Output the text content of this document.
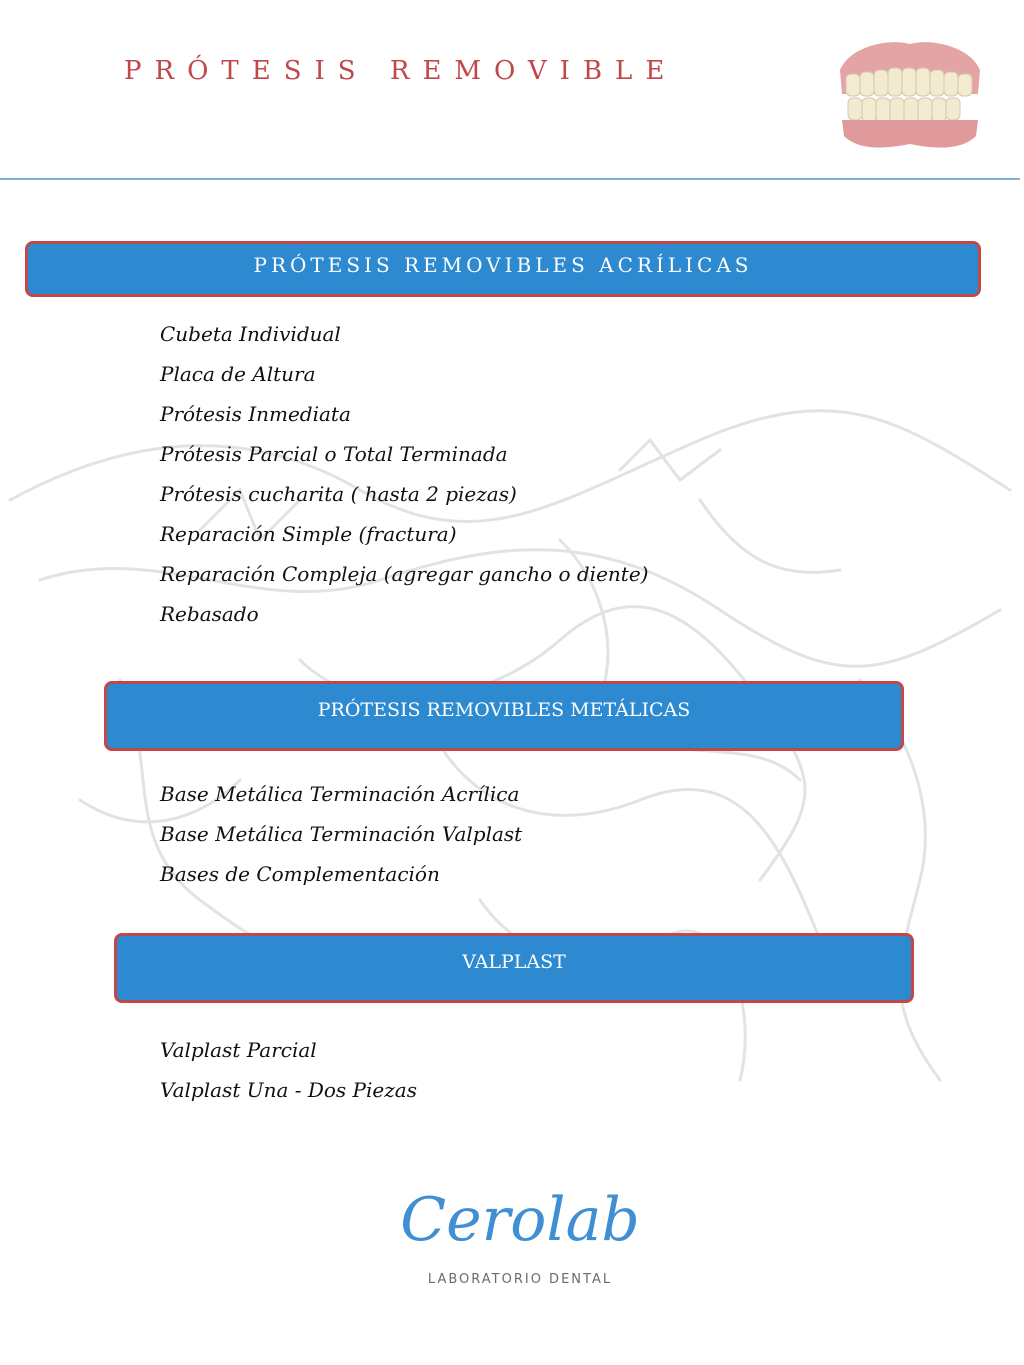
PRÓTESIS REMOVIBLE
PRÓTESIS REMOVIBLES ACRÍLICAS
Cubeta Individual
Placa de Altura
Prótesis Inmediata
Prótesis Parcial o Total Terminada
Prótesis cucharita ( hasta 2 piezas)
Reparación Simple (fractura)
Reparación Compleja (agregar gancho o diente)
Rebasado
PRÓTESIS REMOVIBLES METÁLICAS
Base Metálica Terminación Acrílica
Base Metálica Terminación Valplast
Bases de Complementación
VALPLAST
Valplast Parcial
Valplast Una - Dos Piezas
Cerolab
LABORATORIO DENTAL
